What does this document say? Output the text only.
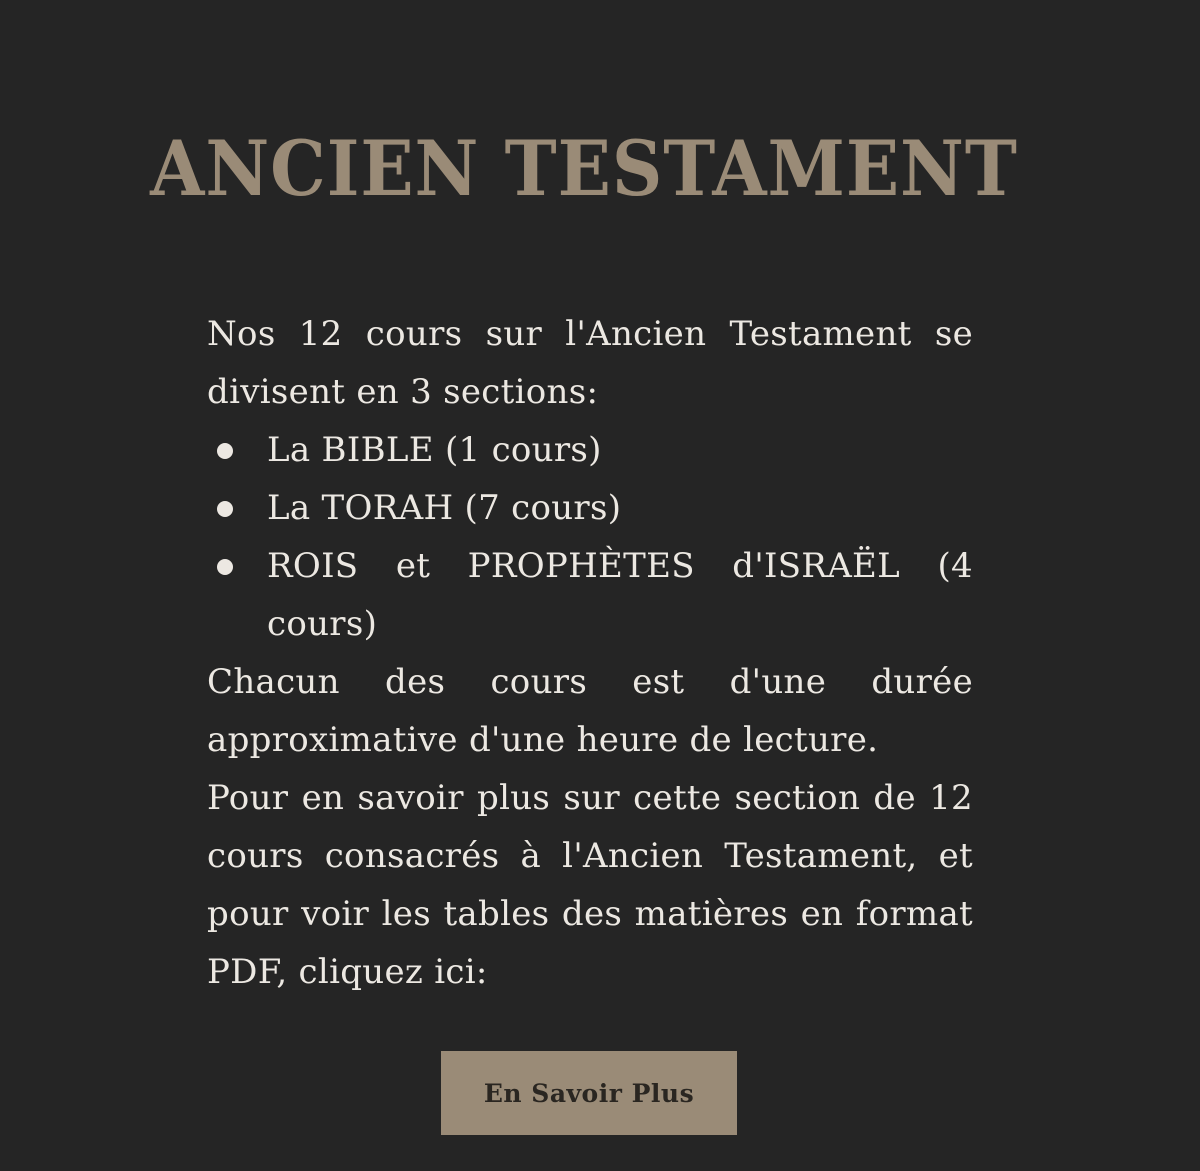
ANCIEN TESTAMENT

Nos 12 cours sur l'Ancien Testament se divisent en 3 sections:

La BIBLE (1 cours)
La TORAH (7 cours)
ROIS et PROPHÈTES d'ISRAËL (4 cours)

Chacun des cours est d'une durée approximative d'une heure de lecture.

Pour en savoir plus sur cette section de 12 cours consacrés à l'Ancien Testament, et pour voir les tables des matières en format PDF, cliquez ici:

En Savoir Plus
